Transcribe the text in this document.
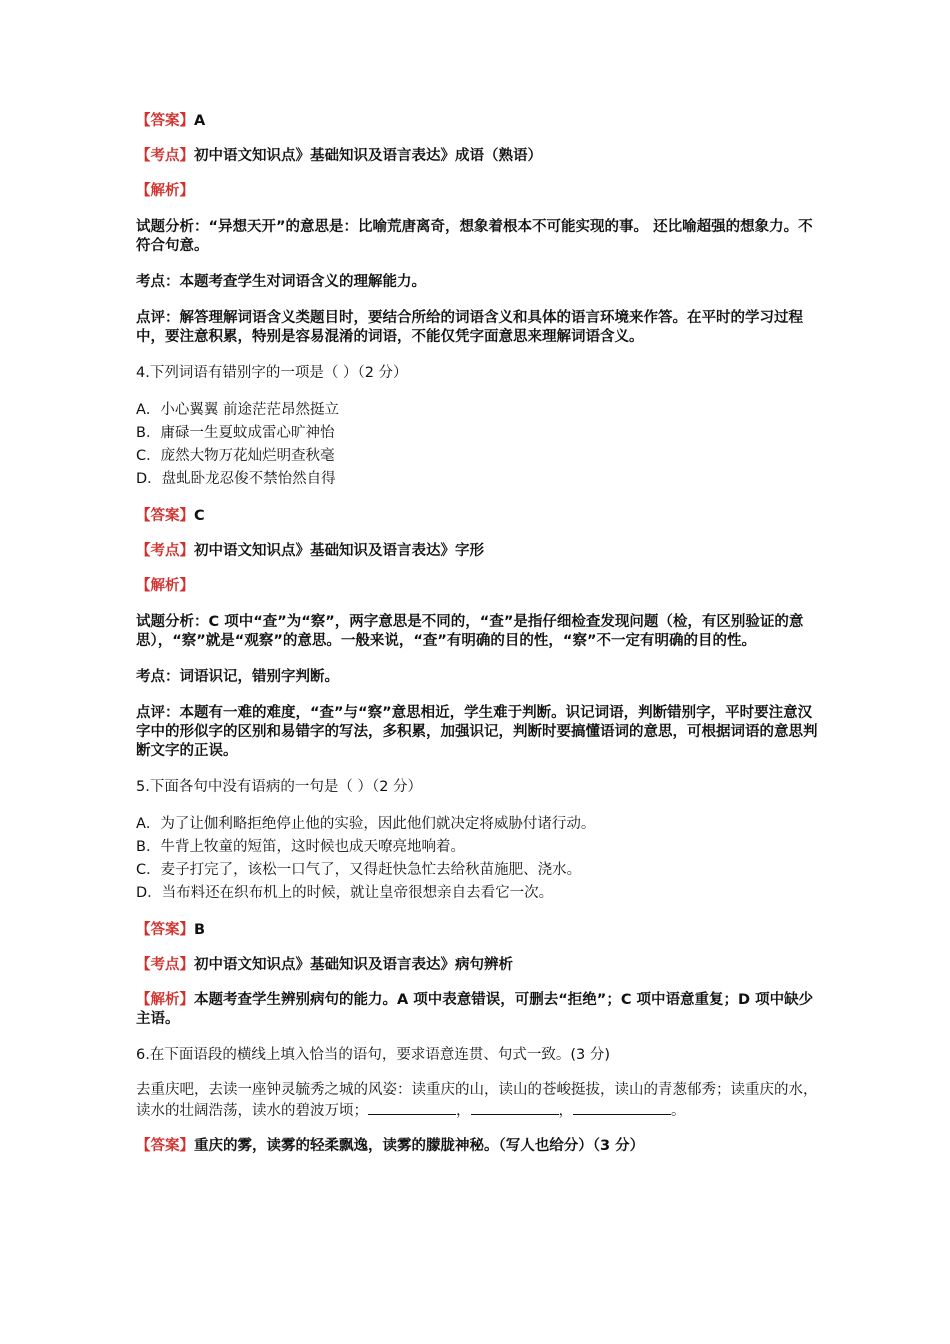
【答案】A

【考点】初中语文知识点》基础知识及语言表达》成语（熟语）

【解析】

试题分析：“异想天开”的意思是：比喻荒唐离奇，想象着根本不可能实现的事。 还比喻超强的想象力。不符合句意。

考点：本题考查学生对词语含义的理解能力。

点评：解答理解词语含义类题目时，要结合所给的词语含义和具体的语言环境来作答。在平时的学习过程中，要注意积累，特别是容易混淆的词语，不能仅凭字面意思来理解词语含义。

4.下列词语有错别字的一项是（ ）（2 分）

A．小心翼翼 前途茫茫昂然挺立

B．庸碌一生夏蚊成雷心旷神怡

C．庞然大物万花灿烂明查秋毫

D．盘虬卧龙忍俊不禁怡然自得

【答案】C

【考点】初中语文知识点》基础知识及语言表达》字形

【解析】

试题分析：C 项中“查”为“察”，两字意思是不同的，“查”是指仔细检查发现问题（检，有区别验证的意思），“察”就是“观察”的意思。一般来说，“查”有明确的目的性，“察”不一定有明确的目的性。

考点：词语识记，错别字判断。

点评：本题有一难的难度，“查”与“察”意思相近，学生难于判断。识记词语，判断错别字，平时要注意汉字中的形似字的区别和易错字的写法，多积累，加强识记，判断时要搞懂语词的意思，可根据词语的意思判断文字的正误。

5.下面各句中没有语病的一句是（ ）（2 分）

A．为了让伽利略拒绝停止他的实验，因此他们就决定将威胁付诸行动。

B．牛背上牧童的短笛，这时候也成天嘹亮地响着。

C．麦子打完了，该松一口气了，又得赶快急忙去给秋苗施肥、浇水。

D．当布料还在织布机上的时候，就让皇帝很想亲自去看它一次。

【答案】B

【考点】初中语文知识点》基础知识及语言表达》病句辨析

【解析】本题考查学生辨别病句的能力。A 项中表意错误，可删去“拒绝”；C 项中语意重复；D 项中缺少主语。

6.在下面语段的横线上填入恰当的语句，要求语意连贯、句式一致。(3 分)

去重庆吧，去读一座钟灵毓秀之城的风姿：读重庆的山，读山的苍峻挺拔，读山的青葱郁秀；读重庆的水，读水的壮阔浩荡，读水的碧波万顷；	，	，	。

【答案】重庆的雾，读雾的轻柔飘逸，读雾的朦胧神秘。（写人也给分）（3 分）
